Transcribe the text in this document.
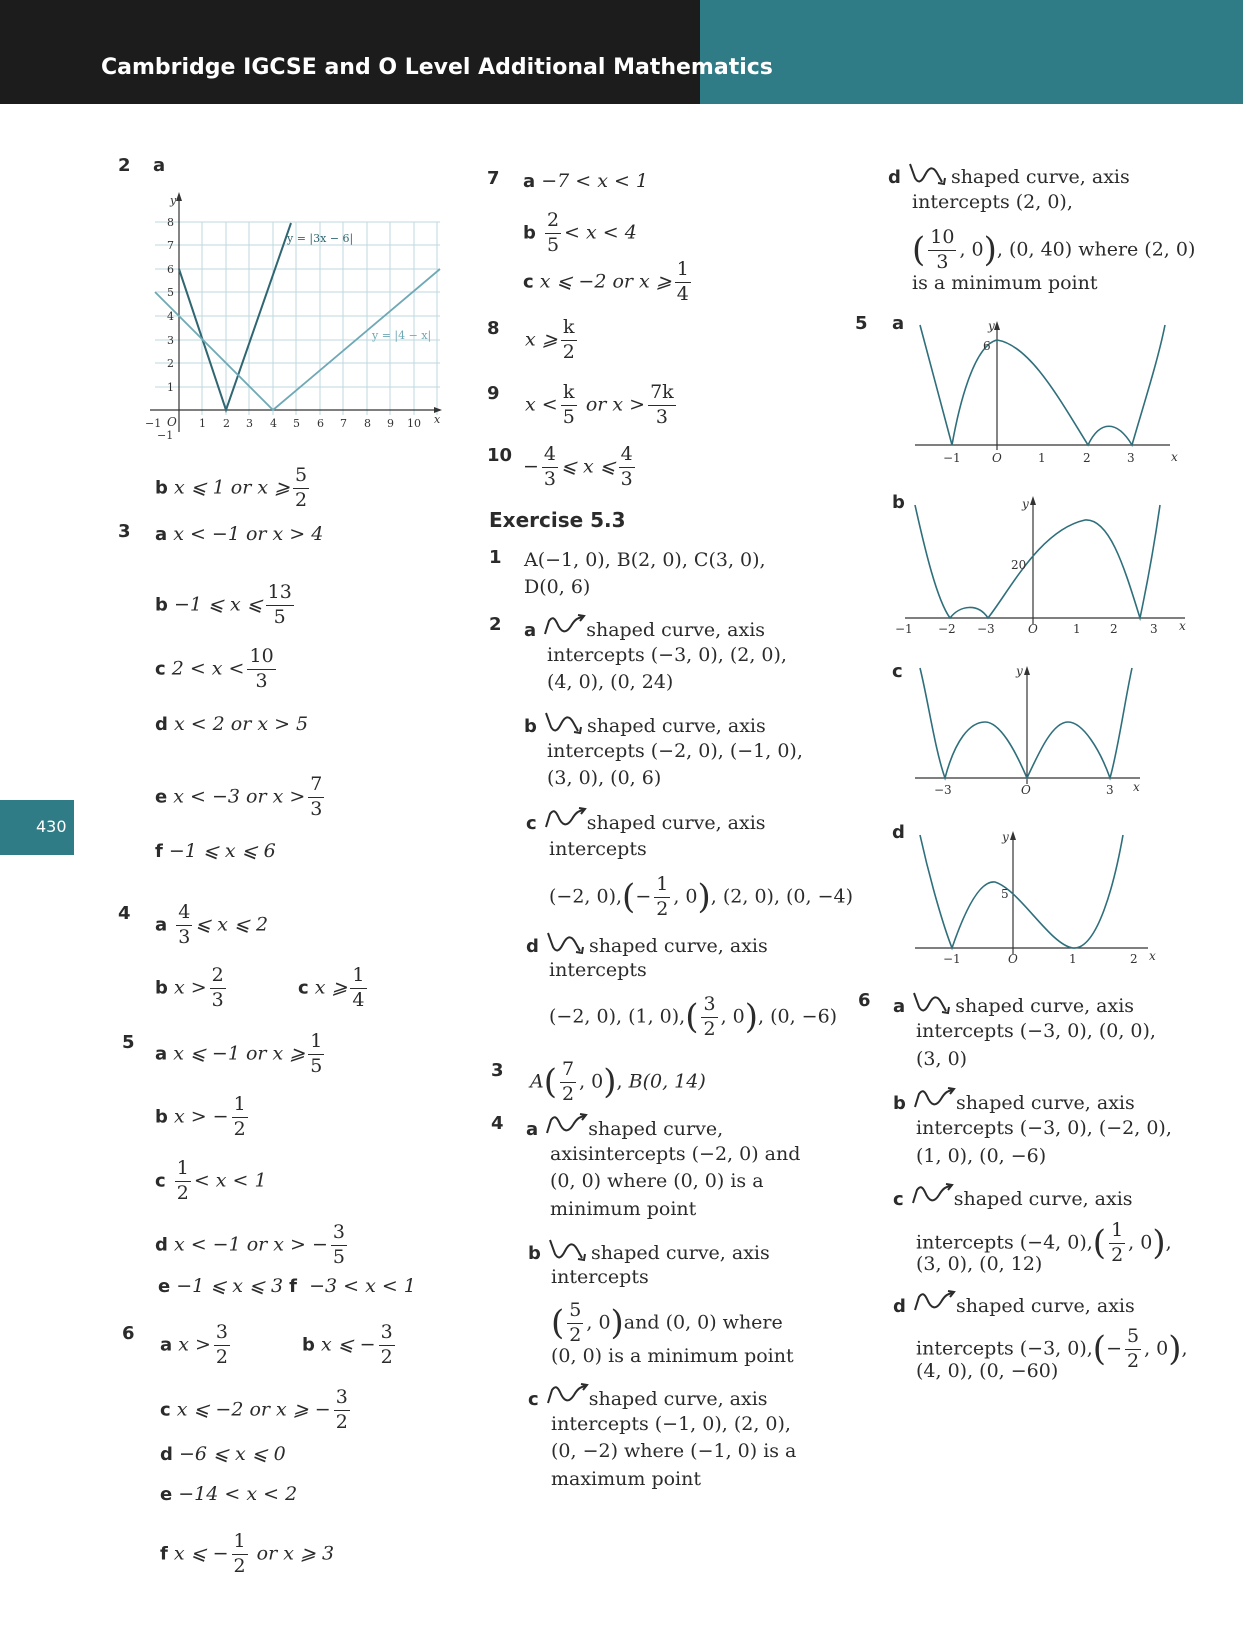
Cambridge IGCSE and O Level Additional Mathematics
430
2 a
y
x
O
−1	1 2 3 4 5 6 7 8 9 10
8
7
6
5
4
3
2
1
−1
y = |3x − 6|
y = |4 − x|
b x ⩽ 1 or x ⩾ $\frac{5}{2}$
3 a x < −1 or x > 4
b −1 ⩽ x ⩽ $\frac{13}{5}$
c $2 < x < \frac{10}{3}$
d x < 2 or x > 5
e x < −3 or $x > \frac{7}{3}$
f −1 ⩽ x ⩽ 6
4
a $\frac{4}{3}$ ⩽ x ⩽ 2
b $x > \frac{2}{3}$	c x ⩾ $\frac{1}{4}$
5
a x ⩽ −1 or x ⩾ $\frac{1}{5}$
b x > − $\frac{1}{2}$
c $\frac{1}{2} < x < 1$
d x < −1 or x > − $\frac{3}{5}$
e −1 ⩽ x ⩽ 3 f −3 < x < 1
6
a $x > \frac{3}{2}$	b x ⩽ − $\frac{3}{2}$
c x ⩽ −2 or x ⩾ − $\frac{3}{2}$
d −6 ⩽ x ⩽ 0
e −14 < x < 2
f x ⩽ − $\frac{1}{2}$ or x ⩾ 3
7 a −7 < x < 1
b $\frac{2}{5} < x < 4$
c x ⩽ −2 or x ⩾ $\frac{1}{4}$
8 x ⩾ $\frac{k}{2}$
9 $x < \frac{k}{5}$ or $x > \frac{7k}{3}$
$10 - \frac{4}{3}$ ⩽ x ⩽ $\frac{4}{3}$
Exercise 5.3
1 A(−1, 0), B(2, 0), C(3, 0),
D(0, 6)
2 a	shaped curve, axis
intercepts (−3, 0), (2, 0),
(4, 0), (0, 24)
b	shaped curve, axis
intercepts (−2, 0), (−1, 0),
(3, 0), (0, 6)
c	shaped curve, axis
intercepts
(−2, $0),(- \frac{1}{2}$ , 0), (2, 0), (0, −4)
d	shaped curve, axis
intercepts
(−2, 0), (1, $0),( \frac{3}{2}$ , 0), (0, −6)
3 $A( \frac{7}{2}$ , 0), B(0, 14)
4 a	shaped curve,
axisintercepts (−2, 0) and
(0, 0) where (0, 0) is a
minimum point
b	shaped curve, axis
intercepts
( $\frac{5}{2}$ , 0)and (0, 0) where
(0, 0) is a minimum point
c	shaped curve, axis
intercepts (−1, 0), (2, 0),
(0, −2) where (−1, 0) is a
maximum point
d	shaped curve, axis
intercepts (2, 0),
( $\frac{10}{3}$ , 0), (0, 40) where (2, 0)
is a minimum point
5 a	y
6
x
O
−1	1	2	3
b	y
20
x
O
−1 −2 −3	1 2	3
c	y
x
O
−3	3
d	y
5
x
O
−1	1	2
6 a	shaped curve, axis
intercepts (−3, 0), (0, 0),
(3, 0)
b	shaped curve, axis
intercepts (−3, 0), (−2, 0),
(1, 0), (0, −6)
c	shaped curve, axis
intercepts (−4, $0),( \frac{1}{2}$ , 0),
(3, 0), (0, 12)
d	shaped curve, axis
intercepts (−3, $0),(- \frac{5}{2}$ , 0),
(4, 0), (0, −60)
